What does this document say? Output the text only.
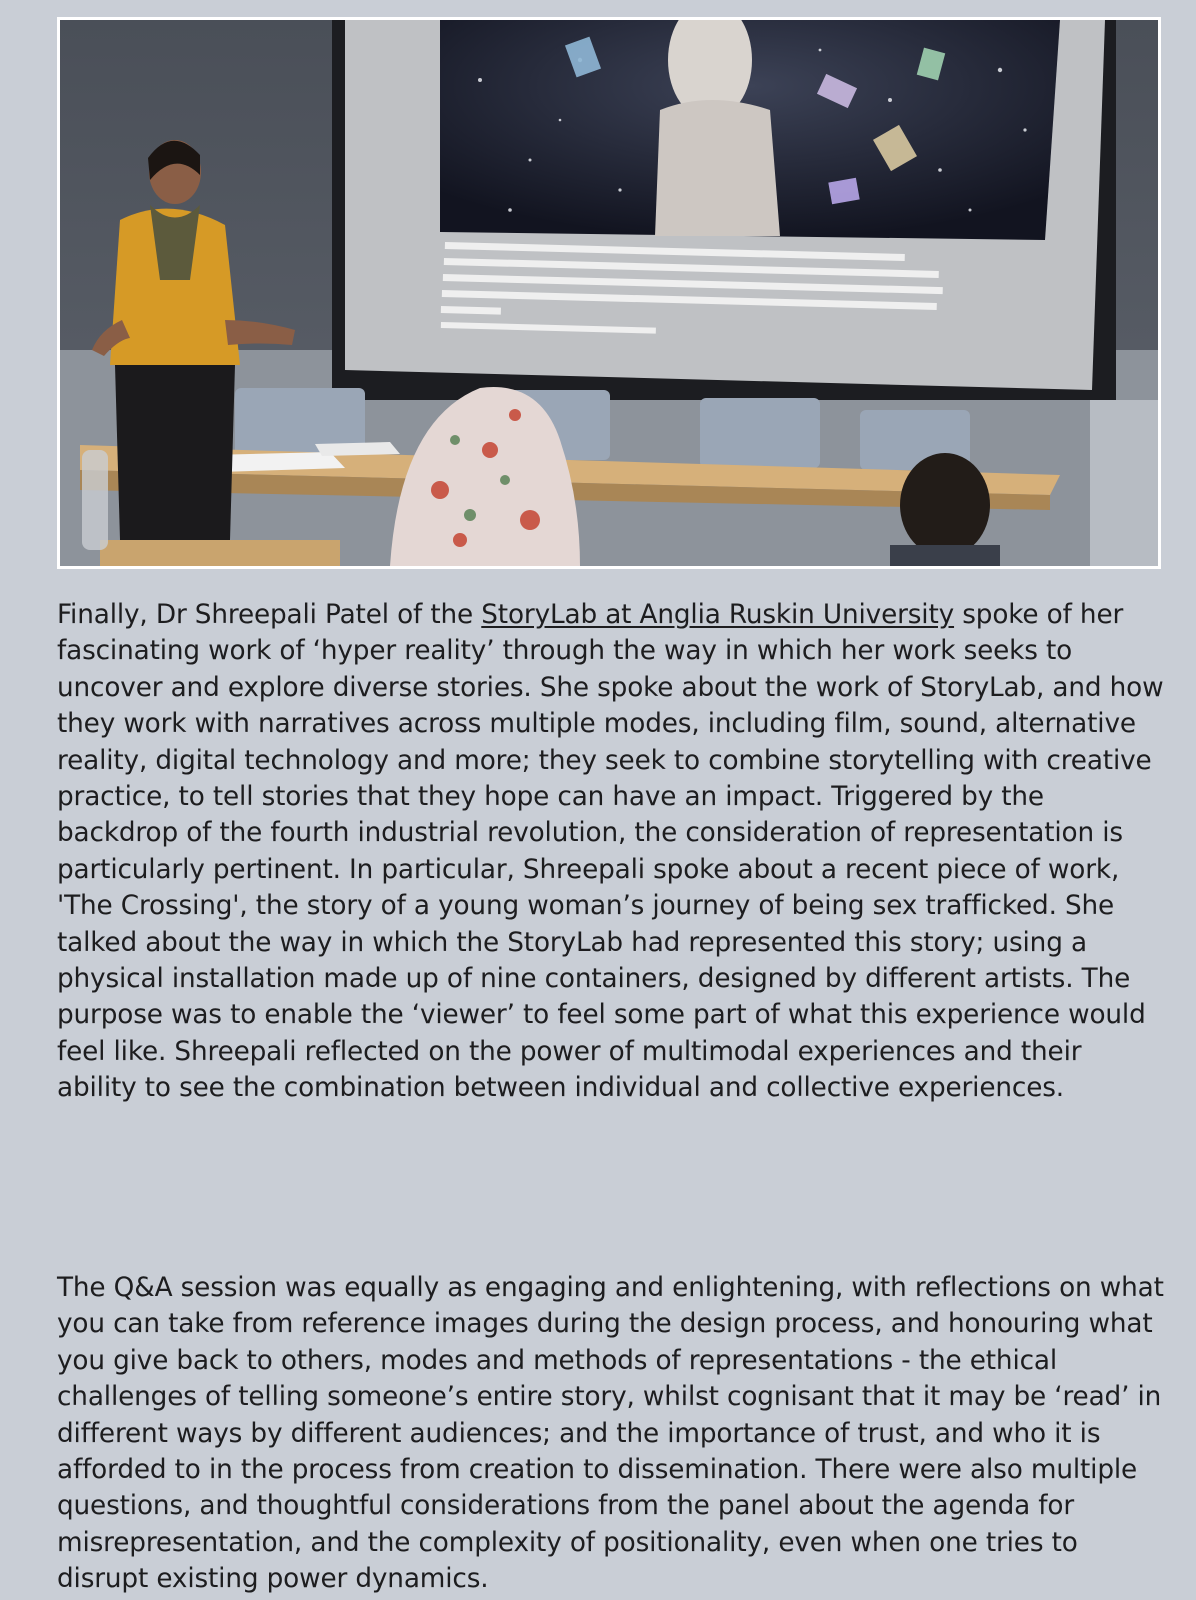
Finally, Dr Shreepali Patel of the StoryLab at Anglia Ruskin University spoke of her fascinating work of ‘hyper reality’ through the way in which her work seeks to uncover and explore diverse stories. She spoke about the work of StoryLab, and how they work with narratives across multiple modes, including film, sound, alternative reality, digital technology and more; they seek to combine storytelling with creative practice, to tell stories that they hope can have an impact. Triggered by the backdrop of the fourth industrial revolution, the consideration of representation is particularly pertinent. In particular, Shreepali spoke about a recent piece of work, 'The Crossing', the story of a young woman’s journey of being sex trafficked. She talked about the way in which the StoryLab had represented this story; using a physical installation made up of nine containers, designed by different artists. The purpose was to enable the ‘viewer’ to feel some part of what this experience would feel like. Shreepali reflected on the power of multimodal experiences and their ability to see the combination between individual and collective experiences.

The Q&A session was equally as engaging and enlightening, with reflections on what you can take from reference images during the design process, and honouring what you give back to others, modes and methods of representations - the ethical challenges of telling someone’s entire story, whilst cognisant that it may be ‘read’ in different ways by different audiences; and the importance of trust, and who it is afforded to in the process from creation to dissemination. There were also multiple questions, and thoughtful considerations from the panel about the agenda for misrepresentation, and the complexity of positionality, even when one tries to disrupt existing power dynamics.
